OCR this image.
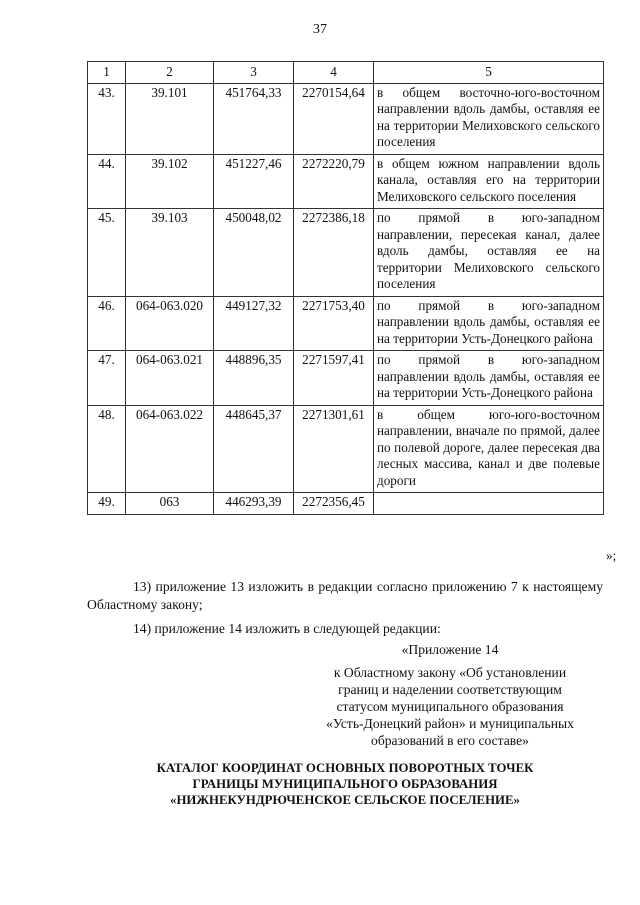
37
1	2	3	4	5
43.	39.101	451764,33	2270154,64	в общем восточно-юго-восточном направлении вдоль дамбы, оставляя ее на территории Мелиховского сельского поселения
44.	39.102	451227,46	2272220,79	в общем южном направлении вдоль канала, оставляя его на территории Мелиховского сельского поселения
45.	39.103	450048,02	2272386,18	по прямой в юго-западном направлении, пересекая канал, далее вдоль дамбы, оставляя ее на территории Мелиховского сельского поселения
46.	064-063.020	449127,32	2271753,40	по прямой в юго-западном направлении вдоль дамбы, оставляя ее на территории Усть-Донецкого района
47.	064-063.021	448896,35	2271597,41	по прямой в юго-западном направлении вдоль дамбы, оставляя ее на территории Усть-Донецкого района
48.	064-063.022	448645,37	2271301,61	в общем юго-юго-восточном направлении, вначале по прямой, далее по полевой дороге, далее пересекая два лесных массива, канал и две полевые дороги
49.	063	446293,39	2272356,45	
»;
13) приложение 13 изложить в редакции согласно приложению 7 к настоящему Областному закону;
14) приложение 14 изложить в следующей редакции:
«Приложение 14
к Областному закону «Об установлении
границ и наделении соответствующим
статусом муниципального образования
«Усть-Донецкий район» и муниципальных
образований в его составе»
КАТАЛОГ КООРДИНАТ ОСНОВНЫХ ПОВОРОТНЫХ ТОЧЕК
ГРАНИЦЫ МУНИЦИПАЛЬНОГО ОБРАЗОВАНИЯ
«НИЖНЕКУНДРЮЧЕНСКОЕ СЕЛЬСКОЕ ПОСЕЛЕНИЕ»
